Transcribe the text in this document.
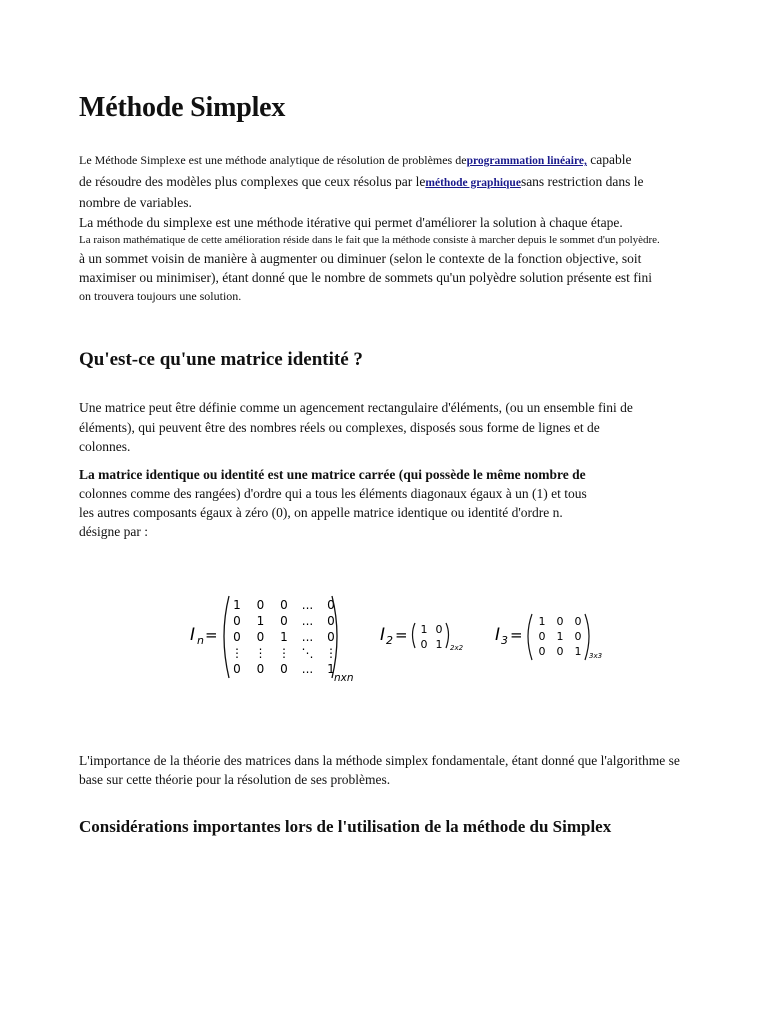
Méthode Simplex
Le Méthode Simplexe est une méthode analytique de résolution de problèmes deprogrammation linéaire, capable
de résoudre des modèles plus complexes que ceux résolus par leméthode graphiquesans restriction dans le
nombre de variables.
La méthode du simplexe est une méthode itérative qui permet d'améliorer la solution à chaque étape.
La raison mathématique de cette amélioration réside dans le fait que la méthode consiste à marcher depuis le sommet d'un polyèdre.
à un sommet voisin de manière à augmenter ou diminuer (selon le contexte de la fonction objective, soit
maximiser ou minimiser), étant donné que le nombre de sommets qu'un polyèdre solution présente est fini
on trouvera toujours une solution.
Qu'est-ce qu'une matrice identité ?
Une matrice peut être définie comme un agencement rectangulaire d'éléments, (ou un ensemble fini de
éléments), qui peuvent être des nombres réels ou complexes, disposés sous forme de lignes et de
colonnes.
La matrice identique ou identité est une matrice carrée (qui possède le même nombre de
colonnes comme des rangées) d'ordre qui a tous les éléments diagonaux égaux à un (1) et tous
les autres composants égaux à zéro (0), on appelle matrice identique ou identité d'ordre n.
désigne par :
I n =
1 0 0 ... 0
0 1 0 ... 0
0 0 1 ... 0
⋮ ⋮ ⋮ ⋱ ⋮
0 0 0 ... 1
nxn
I 2 = 1 0
0 1 2x2
I 3 =
1 0 0
0 1 0
0 0 1 3x3
L'importance de la théorie des matrices dans la méthode simplex fondamentale, étant donné que l'algorithme se
base sur cette théorie pour la résolution de ses problèmes.
Considérations importantes lors de l'utilisation de la méthode du Simplex
